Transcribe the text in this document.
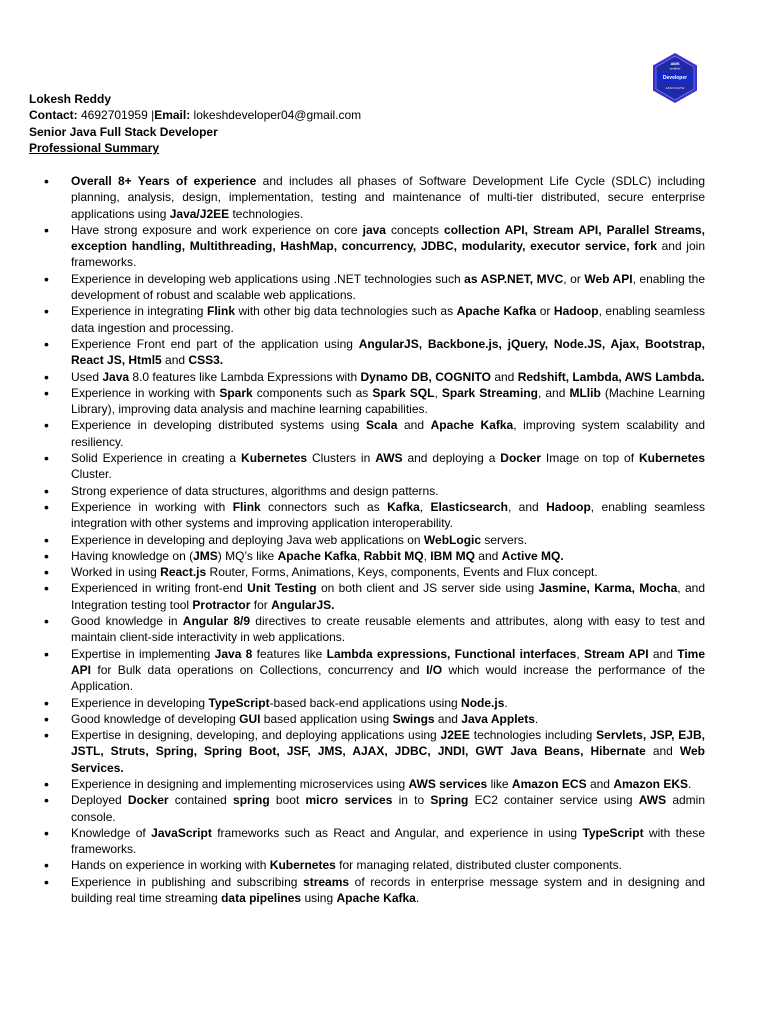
AWS
certified
Developer
ASSOCIATE
Lokesh Reddy
Contact: 4692701959 |Email: lokeshdeveloper04@gmail.com
Senior Java Full Stack Developer
Professional Summary
• Overall 8+ Years of experience and includes all phases of Software Development Life Cycle (SDLC) including planning, analysis, design, implementation, testing and maintenance of multi-tier distributed, secure enterprise applications using Java/J2EE technologies.
• Have strong exposure and work experience on core java concepts collection API, Stream API, Parallel Streams, exception handling, Multithreading, HashMap, concurrency, JDBC, modularity, executor service, fork and join frameworks.
• Experience in developing web applications using .NET technologies such as ASP.NET, MVC, or Web API, enabling the development of robust and scalable web applications.
• Experience in integrating Flink with other big data technologies such as Apache Kafka or Hadoop, enabling seamless data ingestion and processing.
• Experience Front end part of the application using AngularJS, Backbone.js, jQuery, Node.JS, Ajax, Bootstrap, React JS, Html5 and CSS3.
• Used Java 8.0 features like Lambda Expressions with Dynamo DB, COGNITO and Redshift, Lambda, AWS Lambda.
• Experience in working with Spark components such as Spark SQL, Spark Streaming, and MLlib (Machine Learning Library), improving data analysis and machine learning capabilities.
• Experience in developing distributed systems using Scala and Apache Kafka, improving system scalability and resiliency.
• Solid Experience in creating a Kubernetes Clusters in AWS and deploying a Docker Image on top of Kubernetes Cluster.
• Strong experience of data structures, algorithms and design patterns.
• Experience in working with Flink connectors such as Kafka, Elasticsearch, and Hadoop, enabling seamless integration with other systems and improving application interoperability.
• Experience in developing and deploying Java web applications on WebLogic servers.
• Having knowledge on (JMS) MQ’s like Apache Kafka, Rabbit MQ, IBM MQ and Active MQ.
• Worked in using React.js Router, Forms, Animations, Keys, components, Events and Flux concept.
• Experienced in writing front-end Unit Testing on both client and JS server side using Jasmine, Karma, Mocha, and Integration testing tool Protractor for AngularJS.
• Good knowledge in Angular 8/9 directives to create reusable elements and attributes, along with easy to test and maintain client-side interactivity in web applications.
• Expertise in implementing Java 8 features like Lambda expressions, Functional interfaces, Stream API and Time API for Bulk data operations on Collections, concurrency and I/O which would increase the performance of the Application.
• Experience in developing TypeScript-based back-end applications using Node.js.
• Good knowledge of developing GUI based application using Swings and Java Applets.
• Expertise in designing, developing, and deploying applications using J2EE technologies including Servlets, JSP, EJB, JSTL, Struts, Spring, Spring Boot, JSF, JMS, AJAX, JDBC, JNDI, GWT Java Beans, Hibernate and Web Services.
• Experience in designing and implementing microservices using AWS services like Amazon ECS and Amazon EKS.
• Deployed Docker contained spring boot micro services in to Spring EC2 container service using AWS admin console.
• Knowledge of JavaScript frameworks such as React and Angular, and experience in using TypeScript with these frameworks.
• Hands on experience in working with Kubernetes for managing related, distributed cluster components.
• Experience in publishing and subscribing streams of records in enterprise message system and in designing and building real time streaming data pipelines using Apache Kafka.
